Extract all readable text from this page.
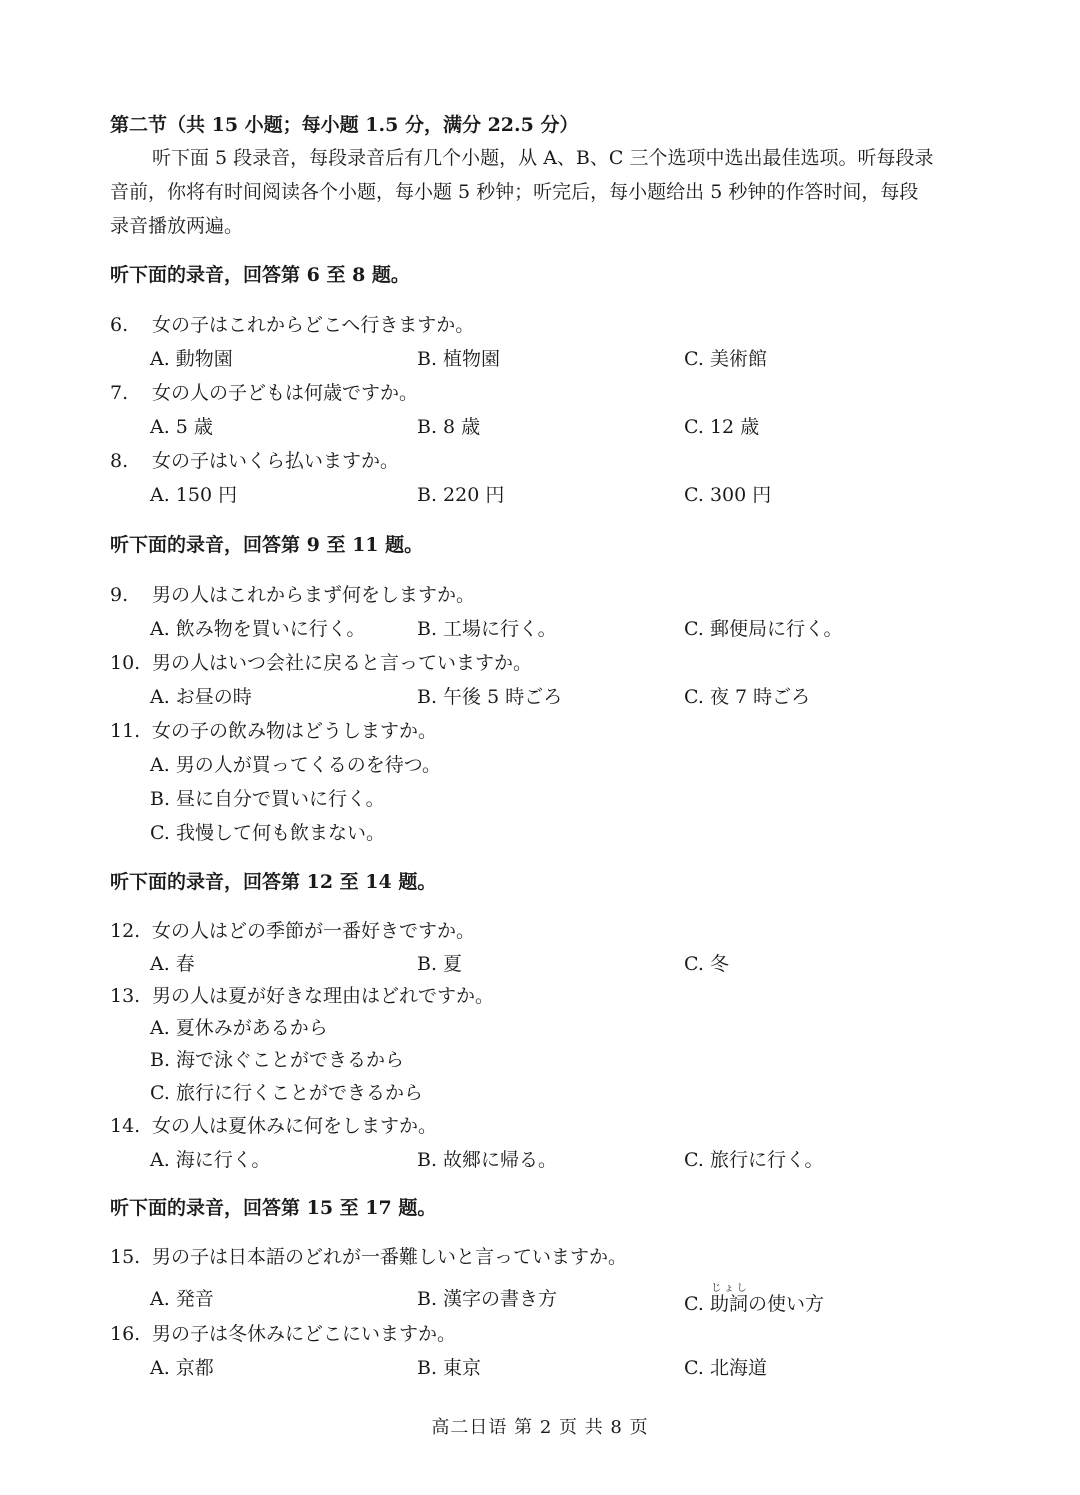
第二节（共 15 小题；每小题 1.5 分，满分 22.5 分）
听下面 5 段录音，每段录音后有几个小题，从 A、B、C 三个选项中选出最佳选项。听每段录
音前，你将有时间阅读各个小题，每小题 5 秒钟；听完后，每小题给出 5 秒钟的作答时间，每段
录音播放两遍。
听下面的录音，回答第 6 至 8 题。
6. 女の子はこれからどこへ行きますか。
A. 動物園	B. 植物園	C. 美術館
7. 女の人の子どもは何歳ですか。
A. 5 歳	B. 8 歳	C. 12 歳
8. 女の子はいくら払いますか。
A. 150 円	B. 220 円	C. 300 円
听下面的录音，回答第 9 至 11 题。
9. 男の人はこれからまず何をしますか。
A. 飲み物を買いに行く。	B. 工場に行く。	C. 郵便局に行く。
10. 男の人はいつ会社に戻ると言っていますか。
A. お昼の時	B. 午後 5 時ごろ	C. 夜 7 時ごろ
11. 女の子の飲み物はどうしますか。
A. 男の人が買ってくるのを待つ。
B. 昼に自分で買いに行く。
C. 我慢して何も飲まない。
听下面的录音，回答第 12 至 14 题。
12. 女の人はどの季節が一番好きですか。
A. 春	B. 夏	C. 冬
13. 男の人は夏が好きな理由はどれですか。
A. 夏休みがあるから
B. 海で泳ぐことができるから
C. 旅行に行くことができるから
14. 女の人は夏休みに何をしますか。
A. 海に行く。	B. 故郷に帰る。	C. 旅行に行く。
听下面的录音，回答第 15 至 17 题。
15. 男の子は日本語のどれが一番難しいと言っていますか。
A. 発音	B. 漢字の書き方	C. 助詞じょしの使い方
16. 男の子は冬休みにどこにいますか。
A. 京都	B. 東京	C. 北海道
高二日语 第 2 页 共 8 页
